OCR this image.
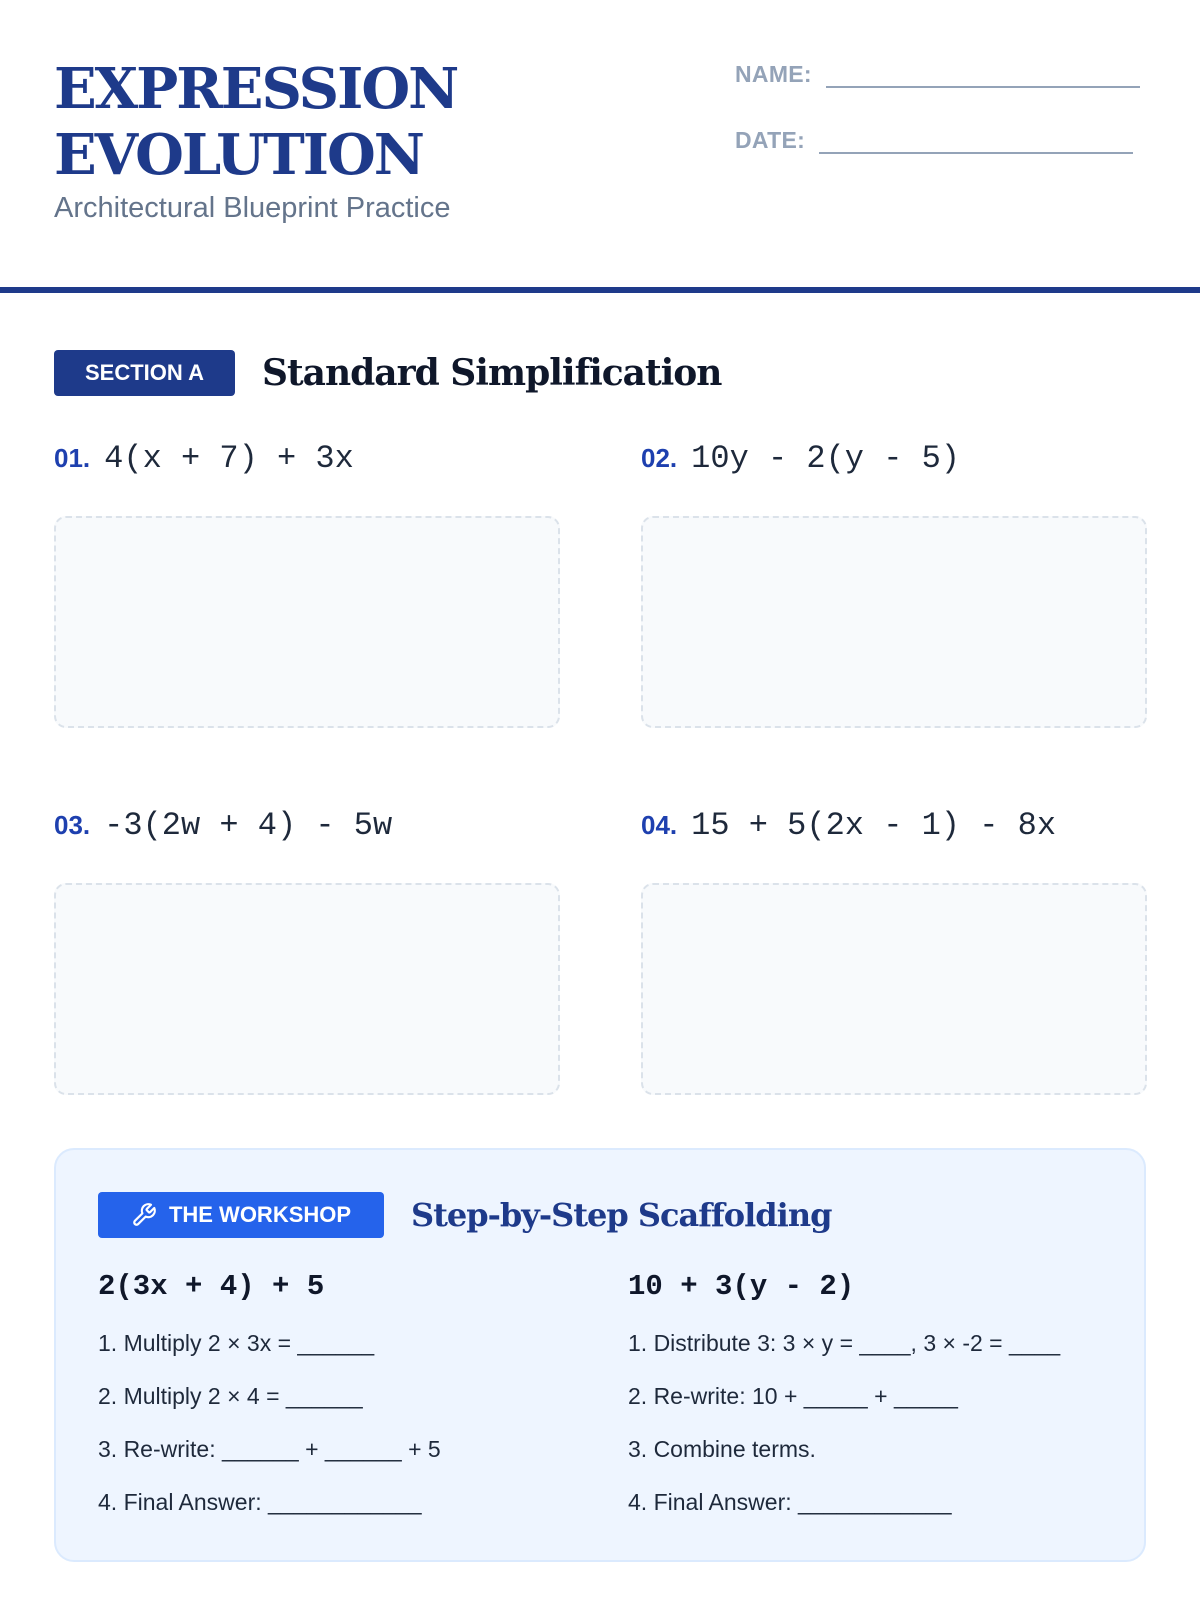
EXPRESSION
EVOLUTION

Architectural Blueprint Practice

NAME:
DATE:
SECTION A	Standard Simplification
01. 4(x + 7) + 3x	02. 10y - 2(y - 5)
03. -3(2w + 4) - 5w	04. 15 + 5(2x - 1) - 8x
THE WORKSHOP Step-by-Step Scaffolding

2(3x + 4) + 5

1. Multiply 2 × 3x = ______

2. Multiply 2 × 4 = ______

3. Re-write: ______ + ______ + 5

4. Final Answer: ____________

10 + 3(y - 2)

1. Distribute 3: 3 × y = ____, 3 × -2 = ____

2. Re-write: 10 + _____ + _____

3. Combine terms.

4. Final Answer: ____________
